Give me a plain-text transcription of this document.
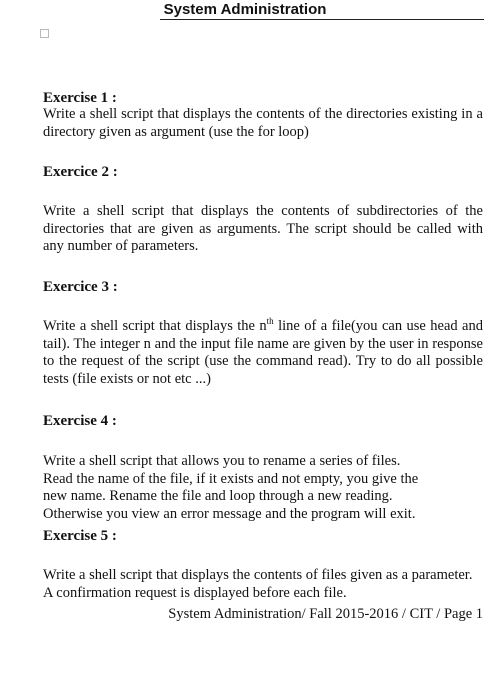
System Administration
Exercise 1 :
Write a shell script that displays the contents of the directories existing in a directory given as argument (use the for loop)
Exercice 2 :
Write a shell script that displays the contents of subdirectories of the directories that are given as arguments. The script should be called with any number of parameters.
Exercice 3 :
Write a shell script that displays the $n^{th}$ line of a file(you can use head and tail). The integer n and the input file name are given by the user in response to the request of the script (use the command read). Try to do all possible tests (file exists or not etc ...)
Exercise 4 :
Write a shell script that allows you to rename a series of files.
Read the name of the file, if it exists and not empty, you give the
new name. Rename the file and loop through a new reading.
Otherwise you view an error message and the program will exit.
Exercise 5 :
Write a shell script that displays the contents of files given as a parameter. A confirmation request is displayed before each file.
System Administration/ Fall 2015-2016 / CIT / Page 1
